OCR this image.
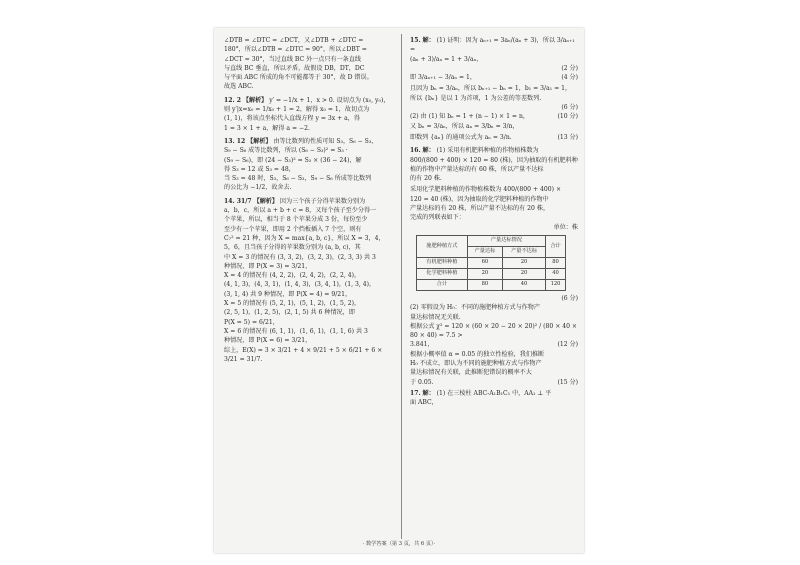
∠DTB = ∠DTC = ∠DCT，又∠DTB + ∠DTC =

180°，所以∠DTB = ∠DTC = 90°，所以∠DBT =

∠DCT = 30°，当过直线 BC 外一点只有一条直线

与直线 BC 垂直，所以矛盾，故假设 DB，DT，DC

与平面 ABC 所成的角不可能都等于 30°，故 D 错误。

故选 ABC.

12. 2 【解析】 y′ = −1/x + 1，x > 0. 设切点为 (x₀, y₀)，

则 y′|x=x₀ = 1/x₀ + 1 = 2，解得 x₀ = 1，故切点为

(1, 1)，将该点坐标代入直线方程 y = 3x + a，得

1 = 3 × 1 + a，解得 a = −2.

13. 12 【解析】 由等比数列的性质可知 S₃，S₆ − S₃，

S₉ − S₆ 成等比数列，所以 (S₆ − S₃)² = S₃ ·

(S₉ − S₆)，即 (24 − S₃)² = S₃ × (36 − 24)，解

得 S₃ = 12 或 S₃ = 48，

当 S₃ = 48 时，S₃，S₆ − S₃，S₉ − S₆ 所成等比数列

的公比为 −1/2，故舍去.

14. 31/7 【解析】 因为三个孩子分得苹果数分别为

a，b，c，所以 a + b + c = 8，又每个孩子至少分得一

个苹果，所以，相当于 8 个苹果分成 3 份，每份至少

至少有一个苹果，即用 2 个挡板插入 7 个空，则有

C₇² = 21 种，因为 X = max{a, b, c}，所以 X = 3，4，

5，6，且当孩子分得的苹果数分别为 (a, b, c)，其

中 X = 3 的情况有 (3, 3, 2)，(3, 2, 3)，(2, 3, 3) 共 3

种情况，即 P(X = 3) = 3/21，

X = 4 的情况有 (4, 2, 2)，(2, 4, 2)，(2, 2, 4)，

(4, 1, 3)，(4, 3, 1)，(1, 4, 3)，(3, 4, 1)，(1, 3, 4)，

(3, 1, 4) 共 9 种情况，即 P(X = 4) = 9/21，

X = 5 的情况有 (5, 2, 1)，(5, 1, 2)，(1, 5, 2)，

(2, 5, 1)，(1, 2, 5)，(2, 1, 5) 共 6 种情况，即

P(X = 5) = 6/21，

X = 6 的情况有 (6, 1, 1)，(1, 6, 1)，(1, 1, 6) 共 3

种情况，即 P(X = 6) = 3/21，

综上，E(X) = 3 × 3/21 + 4 × 9/21 + 5 × 6/21 + 6 ×

3/21 = 31/7.

15. 解： (1) 证明：因为 aₙ₊₁ = 3aₙ/(aₙ + 3)，所以 3/aₙ₊₁ =

(aₙ + 3)/aₙ = 1 + 3/aₙ，

(2 分)

即 3/aₙ₊₁ − 3/aₙ = 1，	(4 分)

且因为 bₙ = 3/aₙ，所以 bₙ₊₁ − bₙ = 1，b₁ = 3/a₁ = 1，

所以 {bₙ} 是以 1 为首项，1 为公差的等差数列.

(6 分)

(2) 由 (1) 知 bₙ = 1 + (n − 1) × 1 = n，	(10 分)

又 bₙ = 3/aₙ，所以 aₙ = 3/bₙ = 3/n，

即数列 {aₙ} 的通项公式为 aₙ = 3/n.	(13 分)

16. 解： (1) 采用有机肥料种植的作物植株数为

800/(800 + 400) × 120 = 80 (株)，因为抽取的有机肥料种

植的作物中产量达标的有 60 株，所以产量不达标

的有 20 株.

采用化学肥料种植的作物植株数为 400/(800 + 400) ×

120 = 40 (株)，因为抽取的化学肥料种植的作物中

产量达标的有 20 株，所以产量不达标的有 20 株，

完成的列联表如下：

单位：株

施肥种植方式	产量达标情况		合计
	产量达标	产量不达标	
有机肥料种植	60	20	80
化学肥料种植	20	20	40
合计	80	40	120

(6 分)

(2) 零假设为 H₀：不同的施肥种植方式与作物产

量达标情况无关联.

根据公式 χ² = 120 × (60 × 20 − 20 × 20)² / (80 × 40 × 80 × 40) = 7.5 >

3.841，	(12 分)

根据小概率值 α = 0.05 的独立性检验，我们推断

H₀ 不成立，即认为不同的施肥种植方式与作物产

量达标情况有关联，此推断犯错误的概率不大

于 0.05.	(15 分)

17. 解： (1) 在三棱柱 ABC-A₁B₁C₁ 中，AA₁ ⊥ 平

面 ABC，

· 数学答案（第 3 页，共 6 页）·
